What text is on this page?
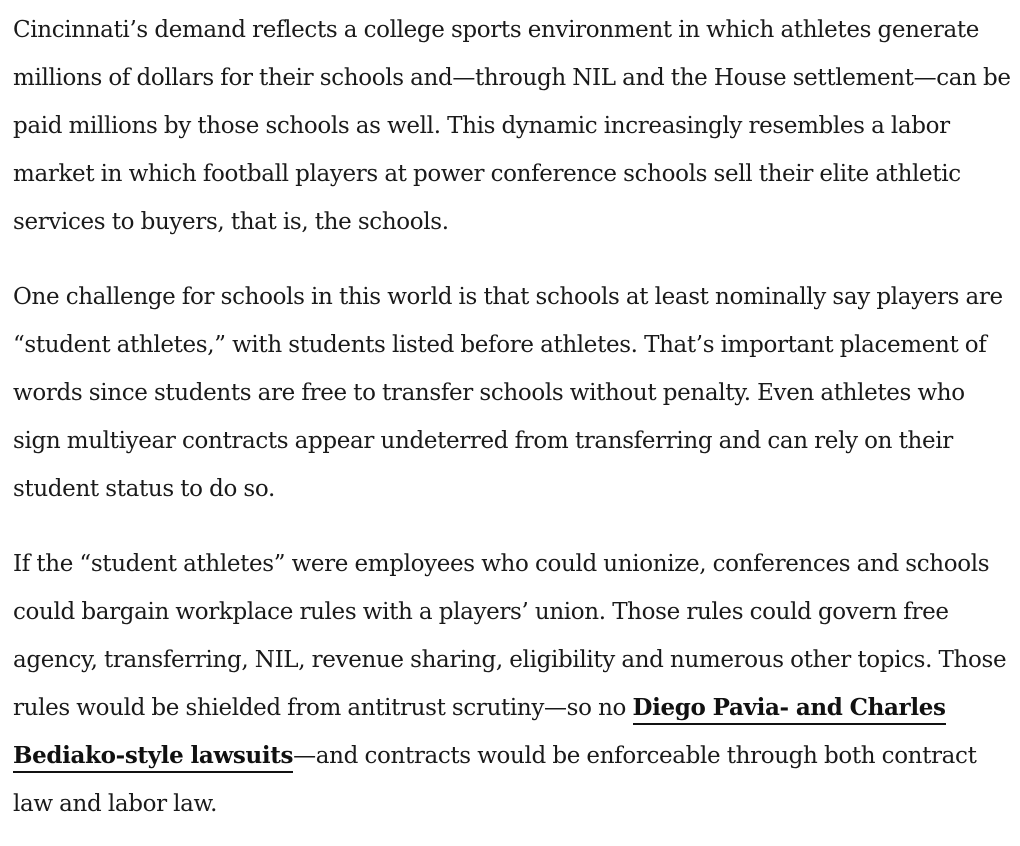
Cincinnati’s demand reflects a college sports environment in which athletes generate millions of dollars for their schools and—through NIL and the House settlement—can be paid millions by those schools as well. This dynamic increasingly resembles a labor market in which football players at power conference schools sell their elite athletic services to buyers, that is, the schools.

One challenge for schools in this world is that schools at least nominally say players are “student athletes,” with students listed before athletes. That’s important placement of words since students are free to transfer schools without penalty. Even athletes who sign multiyear contracts appear undeterred from transferring and can rely on their student status to do so.

If the “student athletes” were employees who could unionize, conferences and schools could bargain workplace rules with a players’ union. Those rules could govern free agency, transferring, NIL, revenue sharing, eligibility and numerous other topics. Those rules would be shielded from antitrust scrutiny—so no Diego Pavia- and Charles Bediako-style lawsuits—and contracts would be enforceable through both contract law and labor law.
